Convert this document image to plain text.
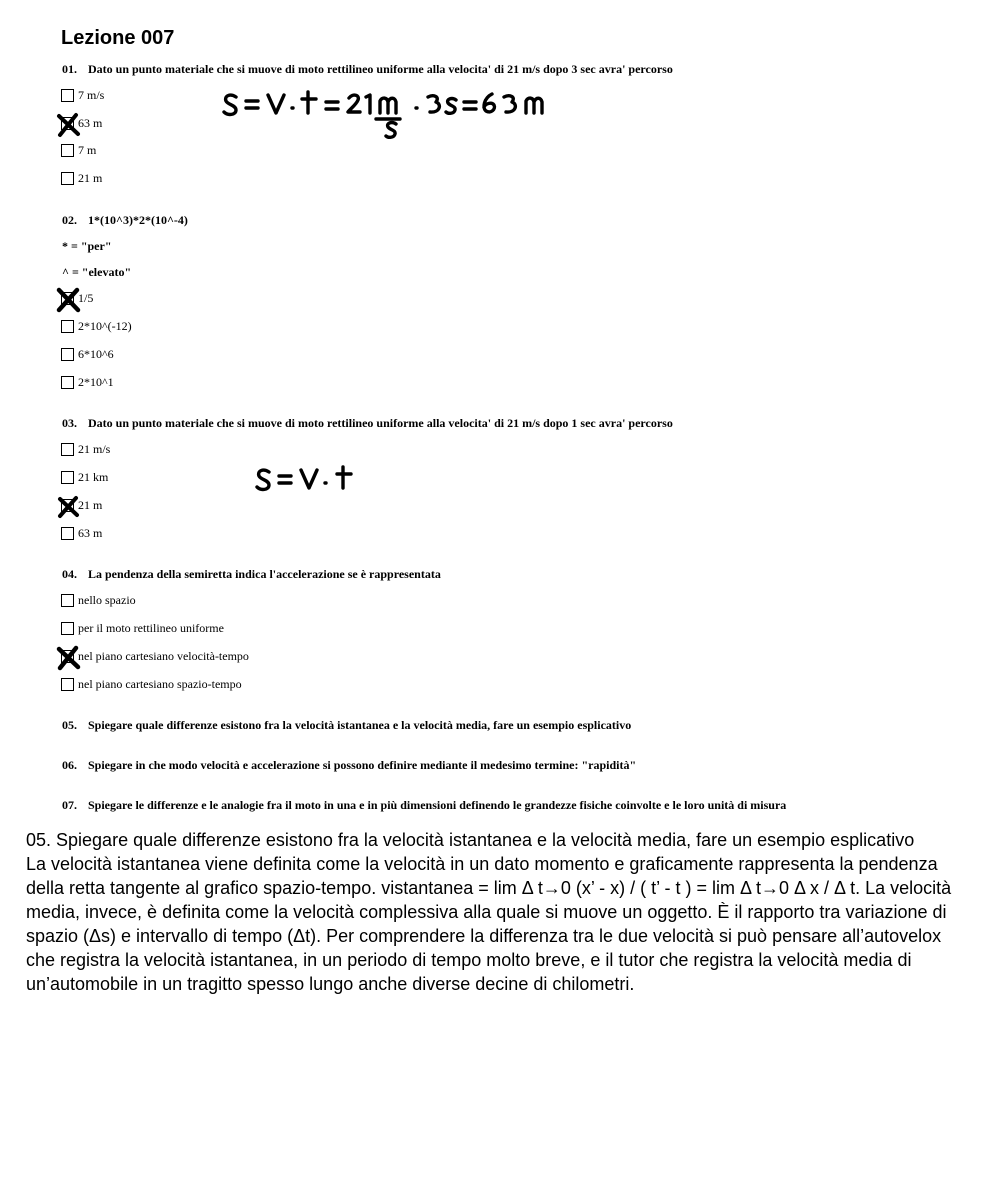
Lezione 007
01. Dato un punto materiale che si muove di moto rettilineo uniforme alla velocita' di 21 m/s dopo 3 sec avra' percorso
7 m/s
63 m
7 m
21 m
02. 1*(10^3)*2*(10^-4)
* = "per"
^ = "elevato"
1/5
2*10^(-12)
6*10^6
2*10^1
03. Dato un punto materiale che si muove di moto rettilineo uniforme alla velocita' di 21 m/s dopo 1 sec avra' percorso
21 m/s
21 km
21 m
63 m
04. La pendenza della semiretta indica l'accelerazione se è rappresentata
nello spazio
per il moto rettilineo uniforme
nel piano cartesiano velocità-tempo
nel piano cartesiano spazio-tempo
05. Spiegare quale differenze esistono fra la velocità istantanea e la velocità media, fare un esempio esplicativo
06. Spiegare in che modo velocità e accelerazione si possono definire mediante il medesimo termine: "rapidità"
07. Spiegare le differenze e le analogie fra il moto in una e in più dimensioni definendo le grandezze fisiche coinvolte e le loro unità di misura

05. Spiegare quale differenze esistono fra la velocità istantanea e la velocità media, fare un esempio esplicativo

La velocità istantanea viene definita come la velocità in un dato momento e graficamente rappresenta la pendenza della retta tangente al grafico spazio-tempo. vistantanea = lim Δ t→0 (x’ - x) / ( t’ - t ) = lim Δ t→0 Δ x / Δ t. La velocità media, invece, è definita come la velocità complessiva alla quale si muove un oggetto. È il rapporto tra variazione di spazio (Δs) e intervallo di tempo (Δt). Per comprendere la differenza tra le due velocità si può pensare all’autovelox che registra la velocità istantanea, in un periodo di tempo molto breve, e il tutor che registra la velocità media di un’automobile in un tragitto spesso lungo anche diverse decine di chilometri.
